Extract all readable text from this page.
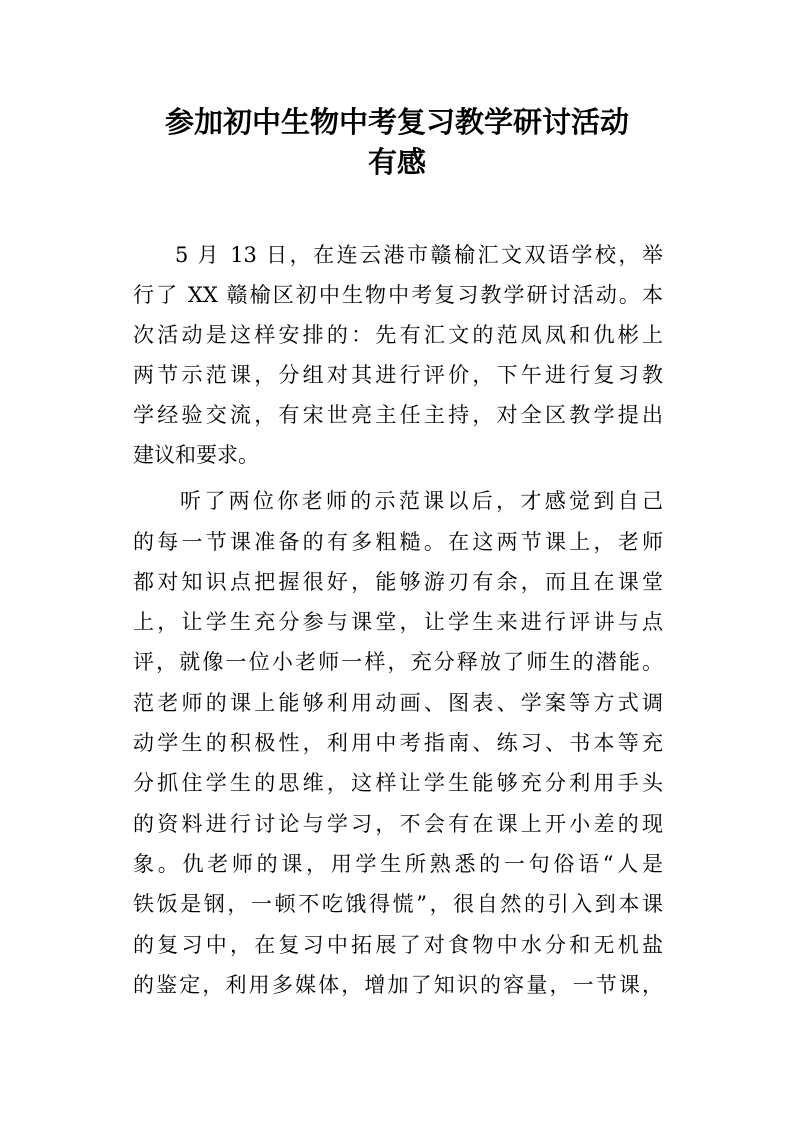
参加初中生物中考复习教学研讨活动
有感
5 月 13 日，在连云港市赣榆汇文双语学校，举
行了 XX 赣榆区初中生物中考复习教学研讨活动。本
次活动是这样安排的：先有汇文的范凤凤和仇彬上
两节示范课，分组对其进行评价，下午进行复习教
学经验交流，有宋世亮主任主持，对全区教学提出
建议和要求。
听了两位你老师的示范课以后，才感觉到自己
的每一节课准备的有多粗糙。在这两节课上，老师
都对知识点把握很好，能够游刃有余，而且在课堂
上，让学生充分参与课堂，让学生来进行评讲与点
评，就像一位小老师一样，充分释放了师生的潜能。
范老师的课上能够利用动画、图表、学案等方式调
动学生的积极性，利用中考指南、练习、书本等充
分抓住学生的思维，这样让学生能够充分利用手头
的资料进行讨论与学习，不会有在课上开小差的现
象。仇老师的课，用学生所熟悉的一句俗语“人是
铁饭是钢，一顿不吃饿得慌”，很自然的引入到本课
的复习中，在复习中拓展了对食物中水分和无机盐
的鉴定，利用多媒体，增加了知识的容量，一节课，
